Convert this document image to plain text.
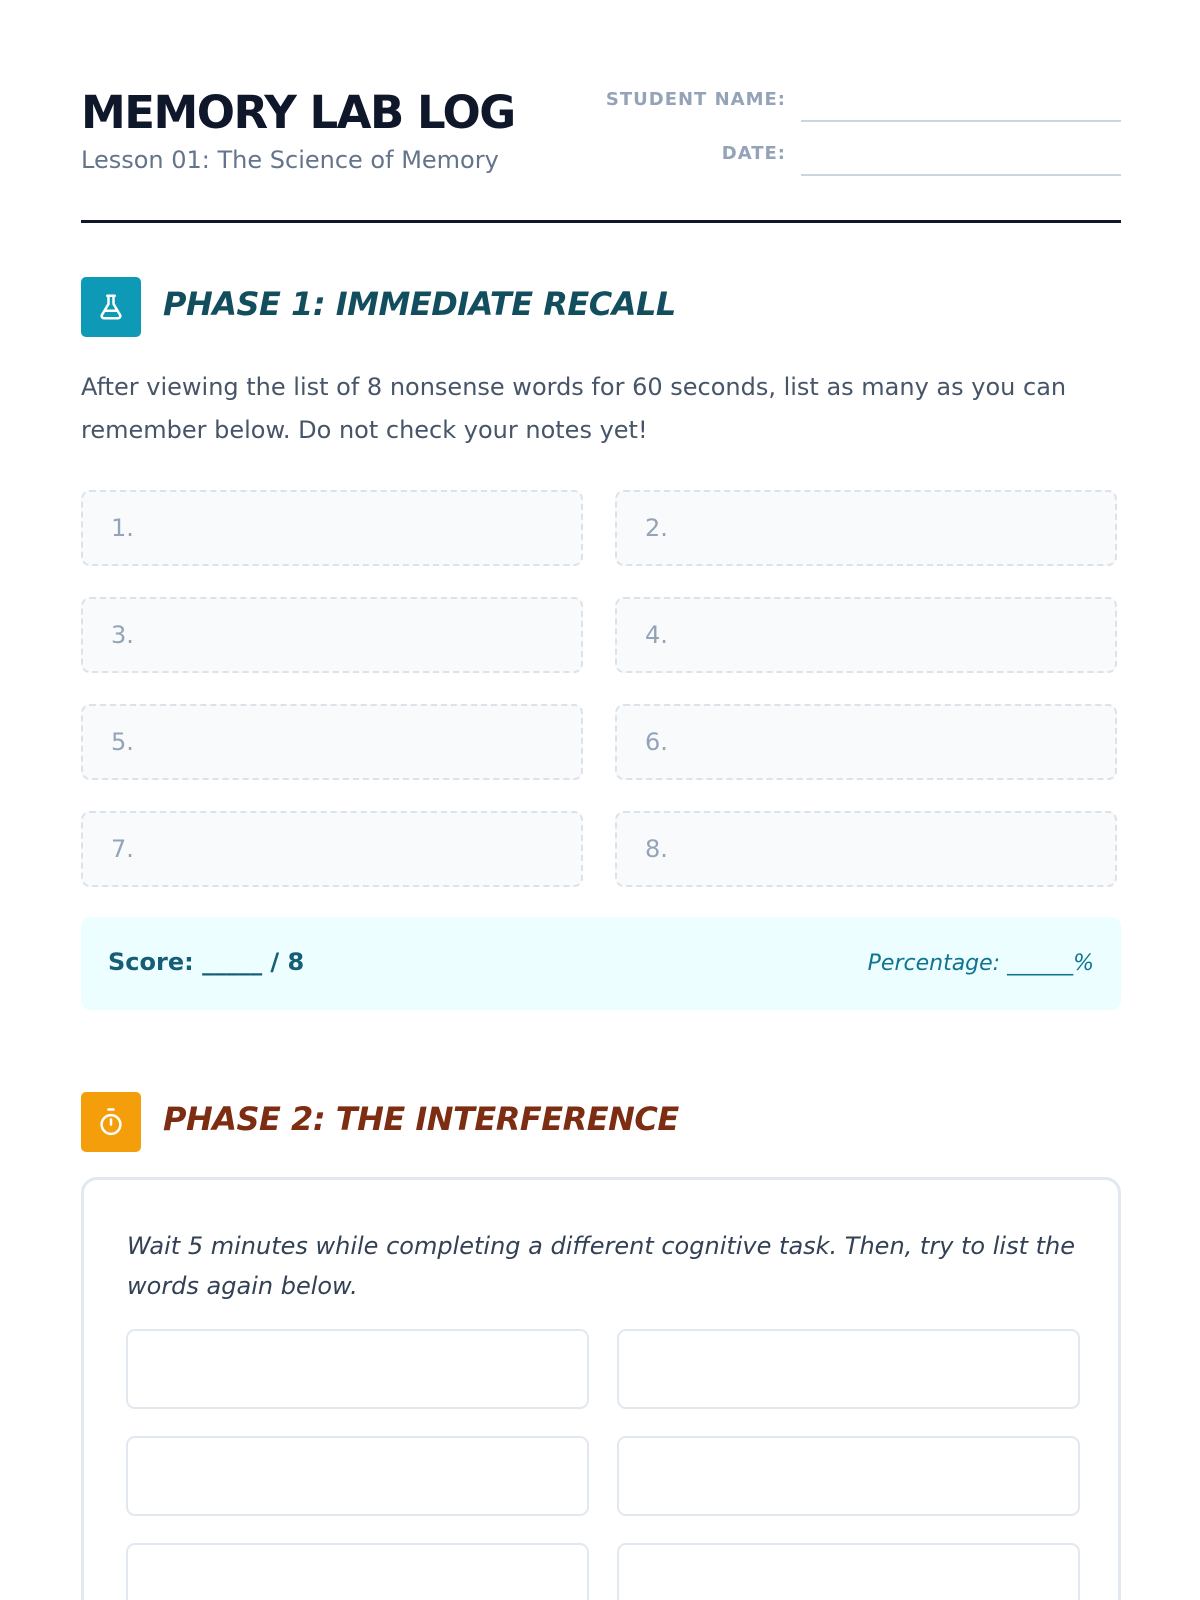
MEMORY LAB LOG
Lesson 01: The Science of Memory
STUDENT NAME:
DATE:
PHASE 1: IMMEDIATE RECALL
After viewing the list of 8 nonsense words for 60 seconds, list as many as you can remember below. Do not check your notes yet!
1.	2.
3.	4.
5.	6.
7.	8.
Score: _____ / 8	Percentage: ______%
PHASE 2: THE INTERFERENCE
Wait 5 minutes while completing a different cognitive task. Then, try to list the words again below.
